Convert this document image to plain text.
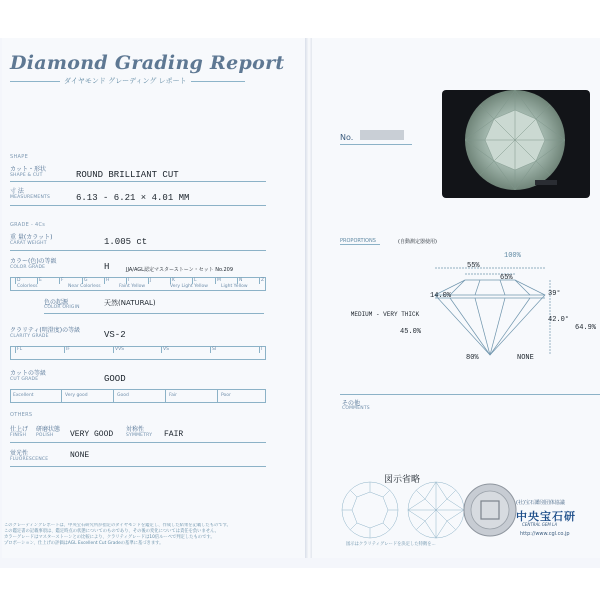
Diamond Grading Report
ダイヤモンド グレーディング レポート
SHAPE
カット・形状
SHAPE & CUT	ROUND BRILLIANT CUT
寸 法
MEASUREMENTS	6.13 - 6.21 × 4.01 MM
GRADE - 4Cs
重 量(カラット)
CARAT WEIGHT	1.005 ct
カラー(色)の等級
COLOR GRADE	H	JJA/AGL認定マスターストーン・セット No.209
D	E	F	G	H	I	J	K	L	M	N	Z
Colorless	Near Colorless	Faint Yellow	Very Light Yellow	Light Yellow
色の起源
COLOR ORIGIN
天然(NATURAL)
クラリティ(明澄度)の等級
CLARITY GRADE	VS-2
FL	IF	VVS	VS	SI	I
カットの等級
CUT GRADE	GOOD
Excellent	Very good	Good	Fair	Poor
OTHERS
仕上げ
FINISH
研磨状態
POLISH VERY GOOD
対称性
SYMMETRY FAIR
蛍光性
FLUORESCENCE	NONE
このグレーディングレポートは、中央宝石研究所が指定のダイヤモンドを鑑定し、作成した結果を記載したものです。
この鑑定書の記載事項は、鑑定時点の状態についてのものであり、その後の変化については責任を負いません。
カラーグレードはマスターストーンとの比較により、クラリティグレードは10倍ルーペで判定したものです。
プロポーション、仕上げの評価はAGL Excellent Cut Gradeの基準に基づきます。
No.
PROPORTIONS	(自動測定器使用)
100%
55%
65%
14.0%	39°
MEDIUM - VERY THICK
42.0°
64.9%
45.0%
80%	NONE
その他
COMMENTS
図示省略
(社)宝石鑑別団体協議
中央宝石研
CENTRAL GEM LA
http://www.cgl.co.jp
図示はクラリティグレードを決定した特徴を...
